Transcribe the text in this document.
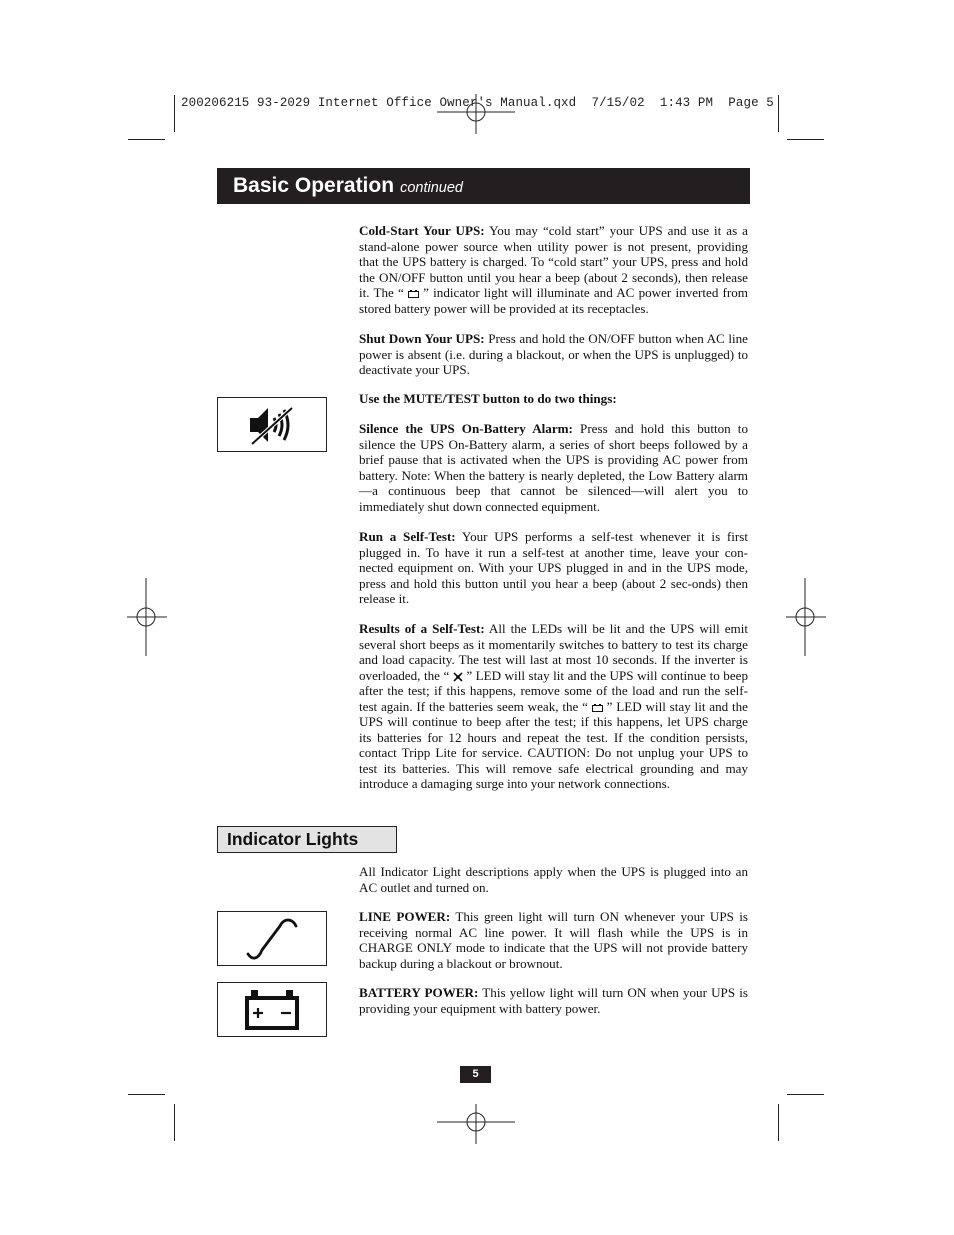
200206215 93-2029 Internet Office Owner's Manual.qxd  7/15/02  1:43 PM  Page 5
Basic Operation continued
Cold-Start Your UPS: You may “cold start” your UPS and use it as a stand-alone power source when utility power is not present, providing that the UPS battery is charged. To “cold start” your UPS, press and hold the ON/OFF button until you hear a beep (about 2 seconds), then release it. The “  ” indicator light will illuminate and AC power inverted from stored battery power will be provided at its receptacles.
Shut Down Your UPS: Press and hold the ON/OFF button when AC line power is absent (i.e. during a blackout, or when the UPS is unplugged) to deactivate your UPS.
Use the MUTE/TEST button to do two things:
Silence the UPS On-Battery Alarm: Press and hold this button to silence the UPS On-Battery alarm, a series of short beeps followed by a brief pause that is activated when the UPS is providing AC power from battery. Note: When the battery is nearly depleted, the Low Battery alarm—a continuous beep that cannot be silenced—will alert you to immediately shut down connected equipment.
Run a Self-Test: Your UPS performs a self-test whenever it is first plugged in. To have it run a self-test at another time, leave your con-nected equipment on. With your UPS plugged in and in the UPS mode, press and hold this button until you hear a beep (about 2 sec-onds) then release it.
Results of a Self-Test: All the LEDs will be lit and the UPS will emit several short beeps as it momentarily switches to battery to test its charge and load capacity. The test will last at most 10 seconds. If the inverter is overloaded, the “  ” LED will stay lit and the UPS will continue to beep after the test; if this happens, remove some of the load and run the self-test again. If the batteries seem weak, the “  ” LED will stay lit and the UPS will continue to beep after the test; if this happens, let UPS charge its batteries for 12 hours and repeat the test. If the condition persists, contact Tripp Lite for service. CAUTION: Do not unplug your UPS to test its batteries. This will remove safe electrical grounding and may introduce a damaging surge into your network connections.
Indicator Lights
All Indicator Light descriptions apply when the UPS is plugged into an AC outlet and turned on.
LINE POWER: This green light will turn ON whenever your UPS is receiving normal AC line power. It will flash while the UPS is in CHARGE ONLY mode to indicate that the UPS will not provide battery backup during a blackout or brownout.
BATTERY POWER: This yellow light will turn ON when your UPS is providing your equipment with battery power.
5
